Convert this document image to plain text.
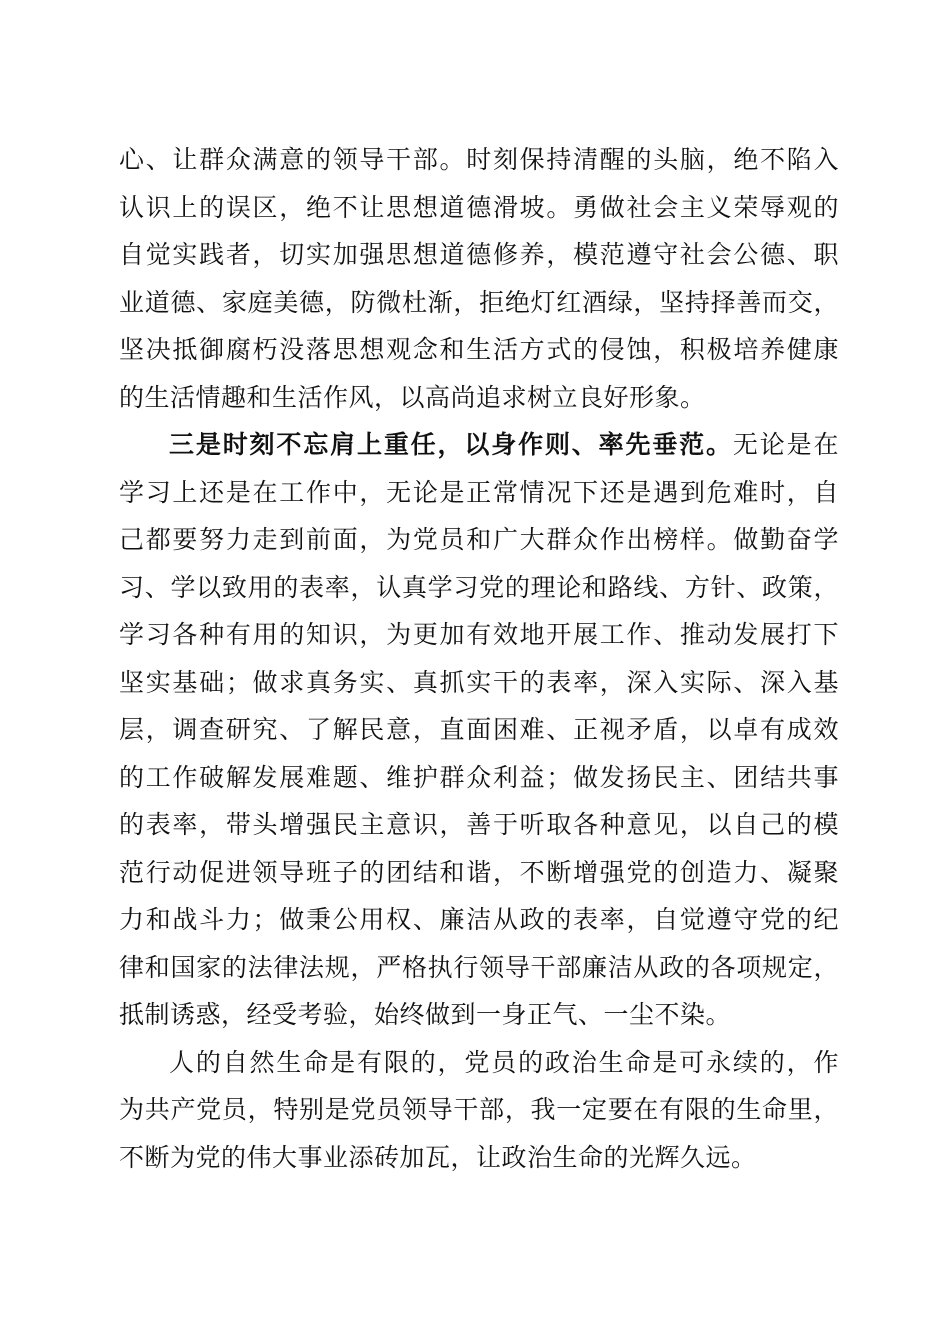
心、让群众满意的领导干部。时刻保持清醒的头脑，绝不陷入
认识上的误区，绝不让思想道德滑坡。勇做社会主义荣辱观的
自觉实践者，切实加强思想道德修养，模范遵守社会公德、职
业道德、家庭美德，防微杜渐，拒绝灯红酒绿，坚持择善而交，
坚决抵御腐朽没落思想观念和生活方式的侵蚀，积极培养健康
的生活情趣和生活作风，以高尚追求树立良好形象。
三是时刻不忘肩上重任，以身作则、率先垂范。无论是在
学习上还是在工作中，无论是正常情况下还是遇到危难时，自
己都要努力走到前面，为党员和广大群众作出榜样。做勤奋学
习、学以致用的表率，认真学习党的理论和路线、方针、政策，
学习各种有用的知识，为更加有效地开展工作、推动发展打下
坚实基础；做求真务实、真抓实干的表率，深入实际、深入基
层，调查研究、了解民意，直面困难、正视矛盾，以卓有成效
的工作破解发展难题、维护群众利益；做发扬民主、团结共事
的表率，带头增强民主意识，善于听取各种意见，以自己的模
范行动促进领导班子的团结和谐，不断增强党的创造力、凝聚
力和战斗力；做秉公用权、廉洁从政的表率，自觉遵守党的纪
律和国家的法律法规，严格执行领导干部廉洁从政的各项规定，
抵制诱惑，经受考验，始终做到一身正气、一尘不染。
人的自然生命是有限的，党员的政治生命是可永续的，作
为共产党员，特别是党员领导干部，我一定要在有限的生命里，
不断为党的伟大事业添砖加瓦，让政治生命的光辉久远。
